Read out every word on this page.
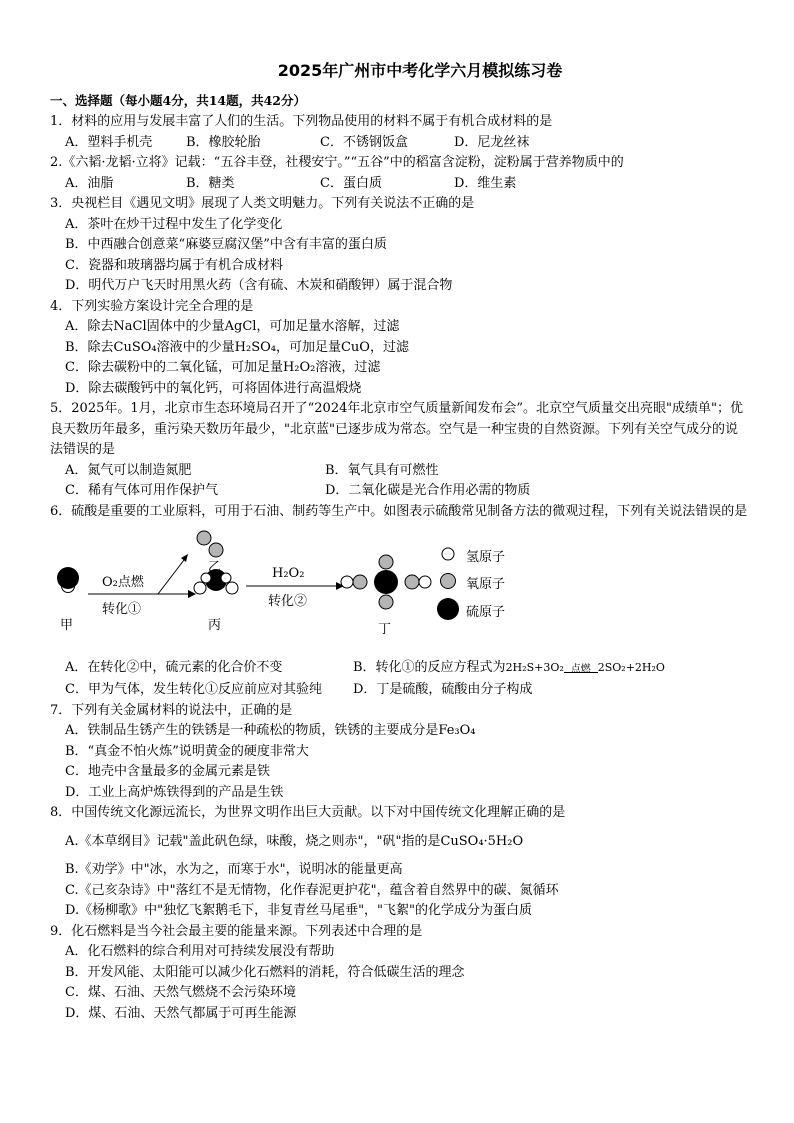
2025年广州市中考化学六月模拟练习卷
一、选择题（每小题4分，共14题，共42分）
1．材料的应用与发展丰富了人们的生活。下列物品使用的材料不属于有机合成材料的是
A．塑料手机壳	B．橡胶轮胎	C．不锈钢饭盒	D．尼龙丝袜
2.《六韬·龙韬·立将》记载：“五谷丰登，社稷安宁。”“五谷”中的稻富含淀粉，淀粉属于营养物质中的
A．油脂	B．糖类	C．蛋白质	D．维生素
3．央视栏目《遇见文明》展现了人类文明魅力。下列有关说法不正确的是
A．茶叶在炒干过程中发生了化学变化
B．中西融合创意菜“麻婆豆腐汉堡”中含有丰富的蛋白质
C．瓷器和玻璃器均属于有机合成材料
D．明代万户飞天时用黑火药（含有硫、木炭和硝酸钾）属于混合物
4．下列实验方案设计完全合理的是
A．除去NaCl固体中的少量AgCl，可加足量水溶解，过滤
B．除去CuSO₄溶液中的少量H₂SO₄，可加足量CuO，过滤
C．除去碳粉中的二氧化锰，可加足量H₂O₂溶液，过滤
D．除去碳酸钙中的氧化钙，可将固体进行高温煅烧
5．2025年。1月，北京市生态环境局召开了“2024年北京市空气质量新闻发布会”。北京空气质量交出亮眼"成绩单"；优良天数历年最多，重污染天数历年最少，"北京蓝"已逐步成为常态。空气是一种宝贵的自然资源。下列有关空气成分的说法错误的是
A．氮气可以制造氮肥	B．氧气具有可燃性
C．稀有气体可用作保护气	D．二氧化碳是光合作用必需的物质
6．硫酸是重要的工业原料，可用于石油、制药等生产中。如图表示硫酸常见制备方法的微观过程，下列有关说法错误的是
甲
乙
丙	丁
O₂点燃
转化①
H₂O₂
转化②
氢原子
氧原子
硫原子
A．在转化②中，硫元素的化合价不变	B．转化①的反应方程式为2H₂S+3O₂ 点燃 2SO₂+2H₂O
C．甲为气体，发生转化①反应前应对其验纯	D．丁是硫酸，硫酸由分子构成
7．下列有关金属材料的说法中，正确的是
A．铁制品生锈产生的铁锈是一种疏松的物质，铁锈的主要成分是Fe₃O₄
B．“真金不怕火炼”说明黄金的硬度非常大
C．地壳中含量最多的金属元素是铁
D．工业上高炉炼铁得到的产品是生铁
8．中国传统文化源远流长，为世界文明作出巨大贡献。以下对中国传统文化理解正确的是
A.《本草纲目》记载"盖此矾色绿，味酸，烧之则赤"，"矾"指的是CuSO₄·5H₂O
B.《劝学》中"冰，水为之，而寒于水"，说明冰的能量更高
C.《己亥杂诗》中"落红不是无情物，化作春泥更护花"，蕴含着自然界中的碳、氮循环
D.《杨柳歌》中"独忆飞絮鹅毛下，非复青丝马尾垂"，"飞絮"的化学成分为蛋白质
9．化石燃料是当今社会最主要的能量来源。下列表述中合理的是
A．化石燃料的综合利用对可持续发展没有帮助
B．开发风能、太阳能可以减少化石燃料的消耗，符合低碳生活的理念
C．煤、石油、天然气燃烧不会污染环境
D．煤、石油、天然气都属于可再生能源
